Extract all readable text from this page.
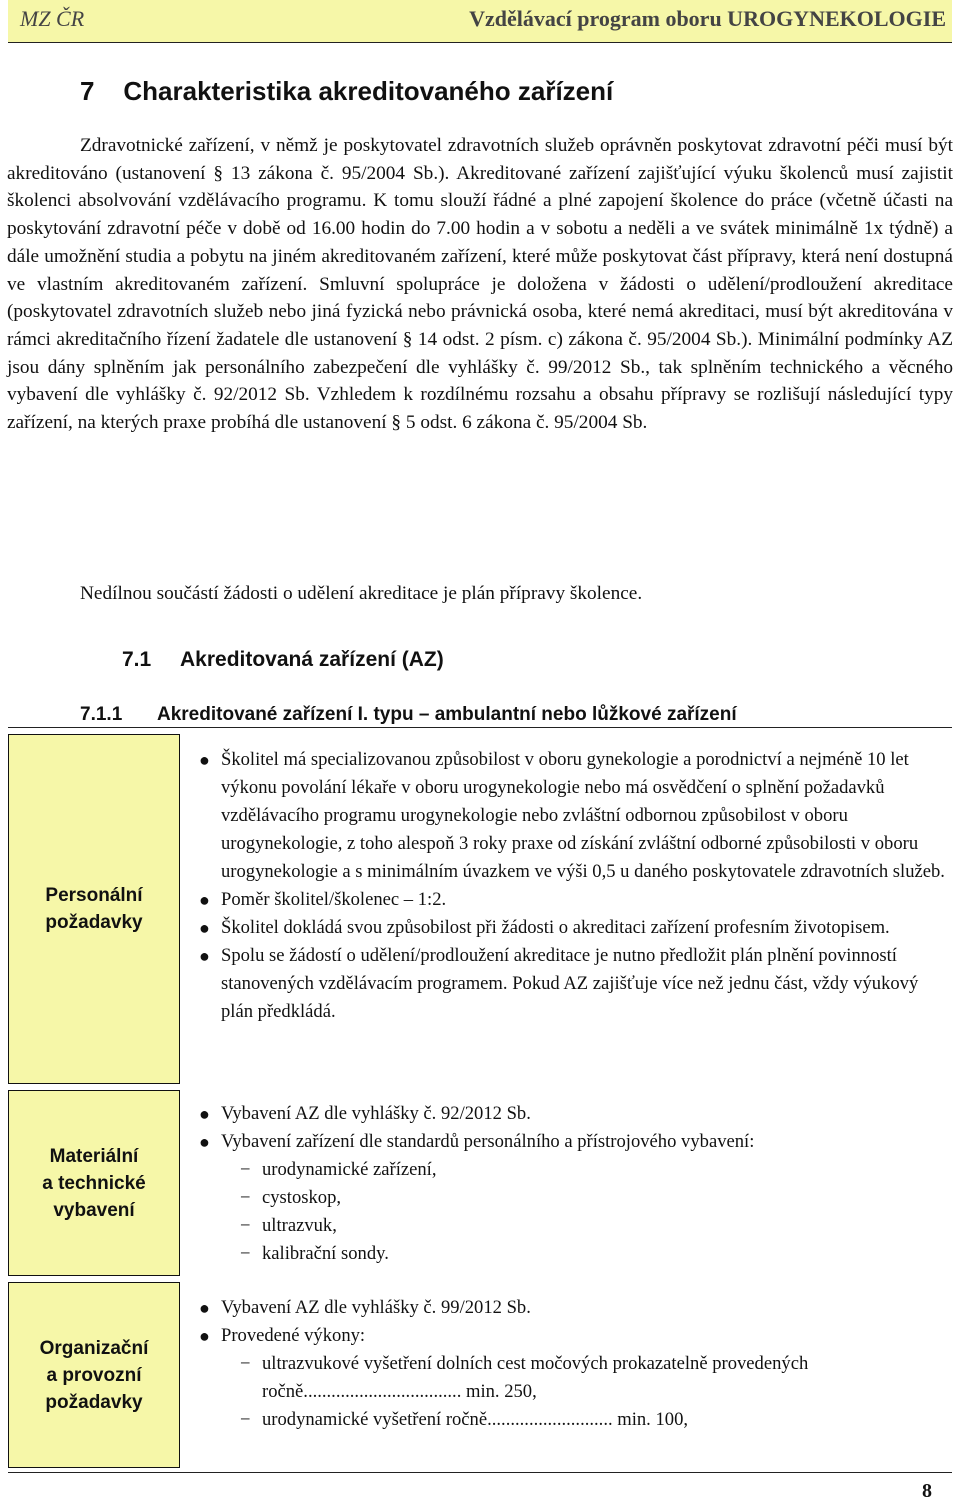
MZ ČR	Vzdělávací program oboru UROGYNEKOLOGIE
7 Charakteristika akreditovaného zařízení

Zdravotnické zařízení, v němž je poskytovatel zdravotních služeb oprávněn poskytovat zdravotní péči musí být akreditováno (ustanovení § 13 zákona č. 95/2004 Sb.). Akreditované zařízení zajišťující výuku školenců musí zajistit školenci absolvování vzdělávacího programu. K tomu slouží řádné a plné zapojení školence do práce (včetně účasti na poskytování zdravotní péče v době od 16.00 hodin do 7.00 hodin a v sobotu a neděli a ve svátek minimálně 1x týdně) a dále umožnění studia a pobytu na jiném akreditovaném zařízení, které může poskytovat část přípravy, která není dostupná ve vlastním akreditovaném zařízení. Smluvní spolupráce je doložena v žádosti o udělení/prodloužení akreditace (poskytovatel zdravotních služeb nebo jiná fyzická nebo právnická osoba, které nemá akreditaci, musí být akreditována v rámci akreditačního řízení žadatele dle ustanovení § 14 odst. 2 písm. c) zákona č. 95/2004 Sb.). Minimální podmínky AZ jsou dány splněním jak personálního zabezpečení dle vyhlášky č. 99/2012 Sb., tak splněním technického a věcného vybavení dle vyhlášky č. 92/2012 Sb. Vzhledem k rozdílnému rozsahu a obsahu přípravy se rozlišují následující typy zařízení, na kterých praxe probíhá dle ustanovení § 5 odst. 6 zákona č. 95/2004 Sb.

Nedílnou součástí žádosti o udělení akreditace je plán přípravy školence.

7.1 Akreditovaná zařízení (AZ)
7.1.1 Akreditované zařízení I. typu – ambulantní nebo lůžkové zařízení
Personální
požadavky
● Školitel má specializovanou způsobilost v oboru gynekologie a porodnictví a nejméně 10 let výkonu povolání lékaře v oboru urogynekologie nebo má osvědčení o splnění požadavků vzdělávacího programu urogynekologie nebo zvláštní odbornou způsobilost v oboru urogynekologie, z toho alespoň 3 roky praxe od získání zvláštní odborné způsobilosti v oboru urogynekologie a s minimálním úvazkem ve výši 0,5 u daného poskytovatele zdravotních služeb.
● Poměr školitel/školenec – 1:2.
● Školitel dokládá svou způsobilost při žádosti o akreditaci zařízení profesním životopisem.
● Spolu se žádostí o udělení/prodloužení akreditace je nutno předložit plán plnění povinností stanovených vzdělávacím programem. Pokud AZ zajišťuje více než jednu část, vždy výukový plán předkládá.
Materiální
a technické
vybavení
● Vybavení AZ dle vyhlášky č. 92/2012 Sb.
● Vybavení zařízení dle standardů personálního a přístrojového vybavení:
− urodynamické zařízení,
− cystoskop,
− ultrazvuk,
− kalibrační sondy.
Organizační
a provozní
požadavky
● Vybavení AZ dle vyhlášky č. 99/2012 Sb.
● Provedené výkony:
− ultrazvukové vyšetření dolních cest močových prokazatelně provedených ročně.................................. min. 250,
− urodynamické vyšetření ročně........................... min. 100,
8
